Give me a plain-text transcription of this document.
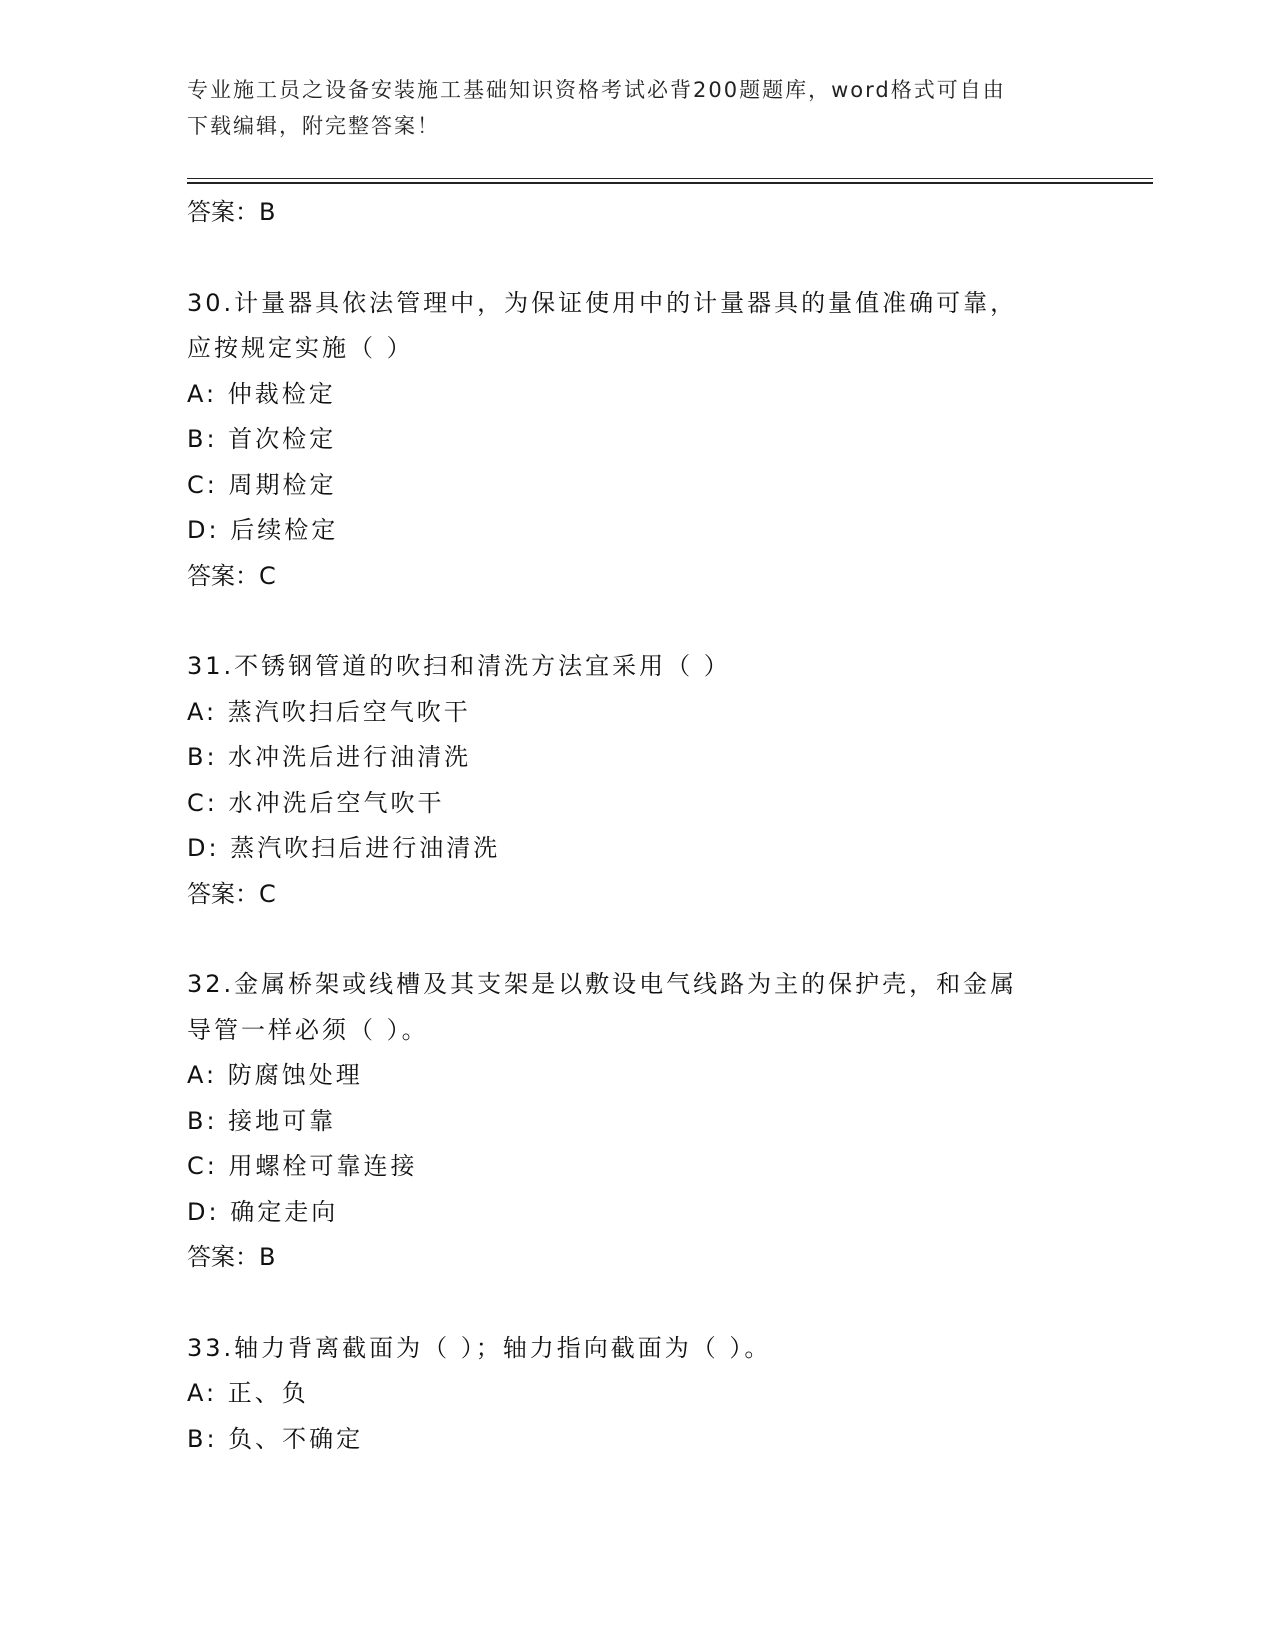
专业施工员之设备安装施工基础知识资格考试必背200题题库，word格式可自由
下载编辑，附完整答案！
答案：B
30.计量器具依法管理中，为保证使用中的计量器具的量值准确可靠，
应按规定实施（ ）
A: 仲裁检定
B: 首次检定
C: 周期检定
D: 后续检定
答案：C
31.不锈钢管道的吹扫和清洗方法宜采用（ ）
A: 蒸汽吹扫后空气吹干
B: 水冲洗后进行油清洗
C: 水冲洗后空气吹干
D: 蒸汽吹扫后进行油清洗
答案：C
32.金属桥架或线槽及其支架是以敷设电气线路为主的保护壳，和金属
导管一样必须（ ）。
A: 防腐蚀处理
B: 接地可靠
C: 用螺栓可靠连接
D: 确定走向
答案：B
33.轴力背离截面为（ ）；轴力指向截面为（ ）。
A: 正、负
B: 负、不确定
